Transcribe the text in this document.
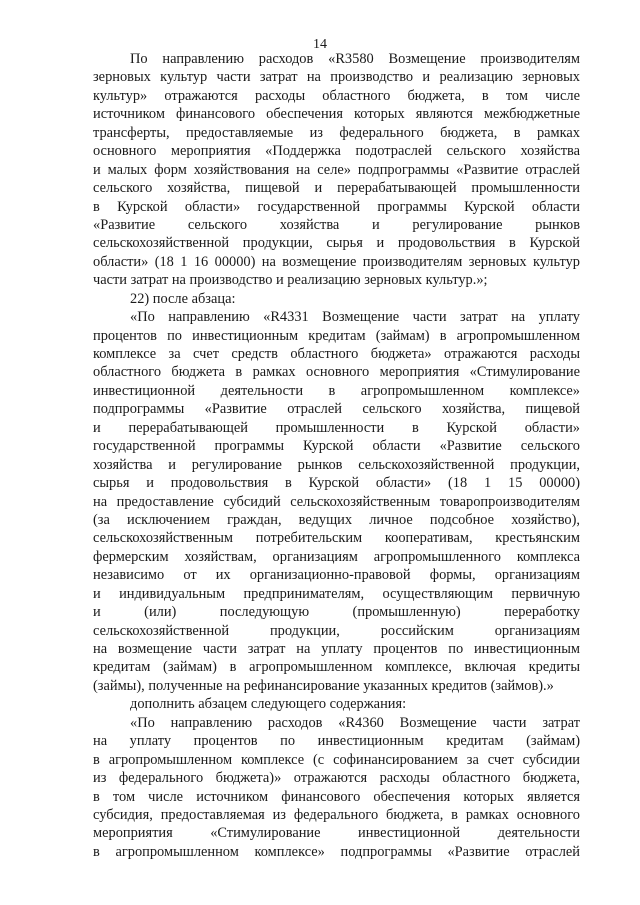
14
По направлению расходов «R3580 Возмещение производителям
зерновых культур части затрат на производство и реализацию зерновых
культур» отражаются расходы областного бюджета, в том числе
источником финансового обеспечения которых являются межбюджетные
трансферты, предоставляемые из федерального бюджета, в рамках
основного мероприятия «Поддержка подотраслей сельского хозяйства
и малых форм хозяйствования на селе» подпрограммы «Развитие отраслей
сельского хозяйства, пищевой и перерабатывающей промышленности
в Курской области» государственной программы Курской области
«Развитие сельского хозяйства и регулирование рынков
сельскохозяйственной продукции, сырья и продовольствия в Курской
области» (18 1 16 00000) на возмещение производителям зерновых культур
части затрат на производство и реализацию зерновых культур.»;
22) после абзаца:
«По направлению «R4331 Возмещение части затрат на уплату
процентов по инвестиционным кредитам (займам) в агропромышленном
комплексе за счет средств областного бюджета» отражаются расходы
областного бюджета в рамках основного мероприятия «Стимулирование
инвестиционной деятельности в агропромышленном комплексе»
подпрограммы «Развитие отраслей сельского хозяйства, пищевой
и перерабатывающей промышленности в Курской области»
государственной программы Курской области «Развитие сельского
хозяйства и регулирование рынков сельскохозяйственной продукции,
сырья и продовольствия в Курской области» (18 1 15 00000)
на предоставление субсидий сельскохозяйственным товаропроизводителям
(за исключением граждан, ведущих личное подсобное хозяйство),
сельскохозяйственным потребительским кооперативам, крестьянским
фермерским хозяйствам, организациям агропромышленного комплекса
независимо от их организационно-правовой формы, организациям
и индивидуальным предпринимателям, осуществляющим первичную
и (или) последующую (промышленную) переработку
сельскохозяйственной продукции, российским организациям
на возмещение части затрат на уплату процентов по инвестиционным
кредитам (займам) в агропромышленном комплексе, включая кредиты
(займы), полученные на рефинансирование указанных кредитов (займов).»
дополнить абзацем следующего содержания:
«По направлению расходов «R4360 Возмещение части затрат
на уплату процентов по инвестиционным кредитам (займам)
в агропромышленном комплексе (с софинансированием за счет субсидии
из федерального бюджета)» отражаются расходы областного бюджета,
в том числе источником финансового обеспечения которых является
субсидия, предоставляемая из федерального бюджета, в рамках основного
мероприятия «Стимулирование инвестиционной деятельности
в агропромышленном комплексе» подпрограммы «Развитие отраслей
